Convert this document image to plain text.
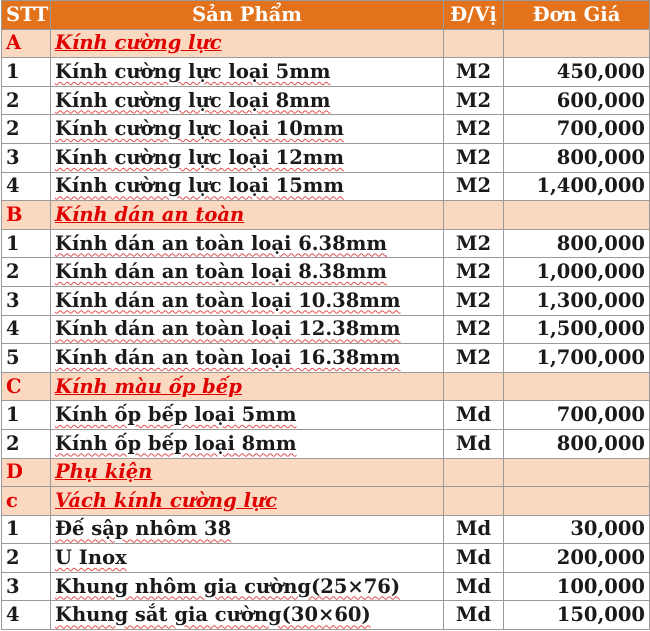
STT	Sản Phẩm	Đ/Vị	Đơn Giá
A	Kính cường lực		
1	Kính cường lực loại 5mm	M2	450,000
2	Kính cường lực loại 8mm	M2	600,000
2	Kính cường lực loại 10mm	M2	700,000
3	Kính cường lực loại 12mm	M2	800,000
4	Kính cường lực loại 15mm	M2	1,400,000
B	Kính dán an toàn		
1	Kính dán an toàn loại 6.38mm	M2	800,000
2	Kính dán an toàn loại 8.38mm	M2	1,000,000
3	Kính dán an toàn loại 10.38mm	M2	1,300,000
4	Kính dán an toàn loại 12.38mm	M2	1,500,000
5	Kính dán an toàn loại 16.38mm	M2	1,700,000
C	Kính màu ốp bếp		
1	Kính ốp bếp loại 5mm	Md	700,000
2	Kính ốp bếp loại 8mm	Md	800,000
D	Phụ kiện		
c	Vách kính cường lực		
1	Đế sập nhôm 38	Md	30,000
2	U Inox	Md	200,000
3	Khung nhôm gia cường(25×76)	Md	100,000
4	Khung sắt gia cường(30×60)	Md	150,000
